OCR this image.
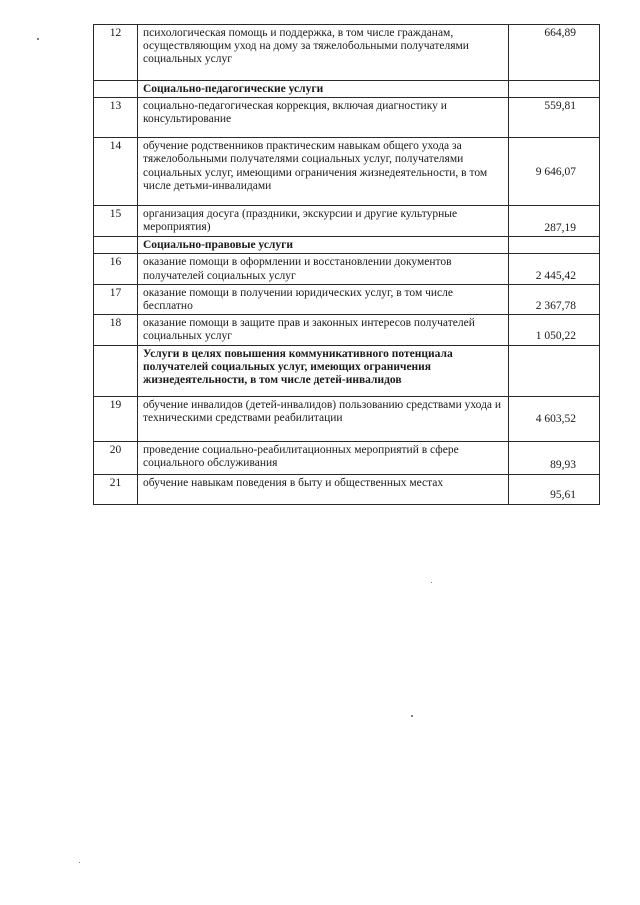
12	психологическая помощь и поддержка, в том числе гражданам, осуществляющим уход на дому за тяжелобольными получателями социальных услуг	664,89
	Социально-педагогические услуги	
13	социально-педагогическая коррекция, включая диагностику и консультирование	559,81
14	обучение родственников практическим навыкам общего ухода за тяжелобольными получателями социальных услуг, получателями социальных услуг, имеющими ограничения жизнедеятельности, в том числе детьми-инвалидами	9 646,07
15	организация досуга (праздники, экскурсии и другие культурные мероприятия)	287,19
	Социально-правовые услуги	
16	оказание помощи в оформлении и восстановлении документов получателей социальных услуг	2 445,42
17	оказание помощи в получении юридических услуг, в том числе бесплатно	2 367,78
18	оказание помощи в защите прав и законных интересов получателей социальных услуг	1 050,22
	Услуги в целях повышения коммуникативного потенциала получателей социальных услуг, имеющих ограничения жизнедеятельности, в том числе детей-инвалидов	
19	обучение инвалидов (детей-инвалидов) пользованию средствами ухода и техническими средствами реабилитации	4 603,52
20	проведение социально-реабилитационных мероприятий в сфере социального обслуживания	89,93
21	обучение навыкам поведения в быту и общественных местах	95,61
